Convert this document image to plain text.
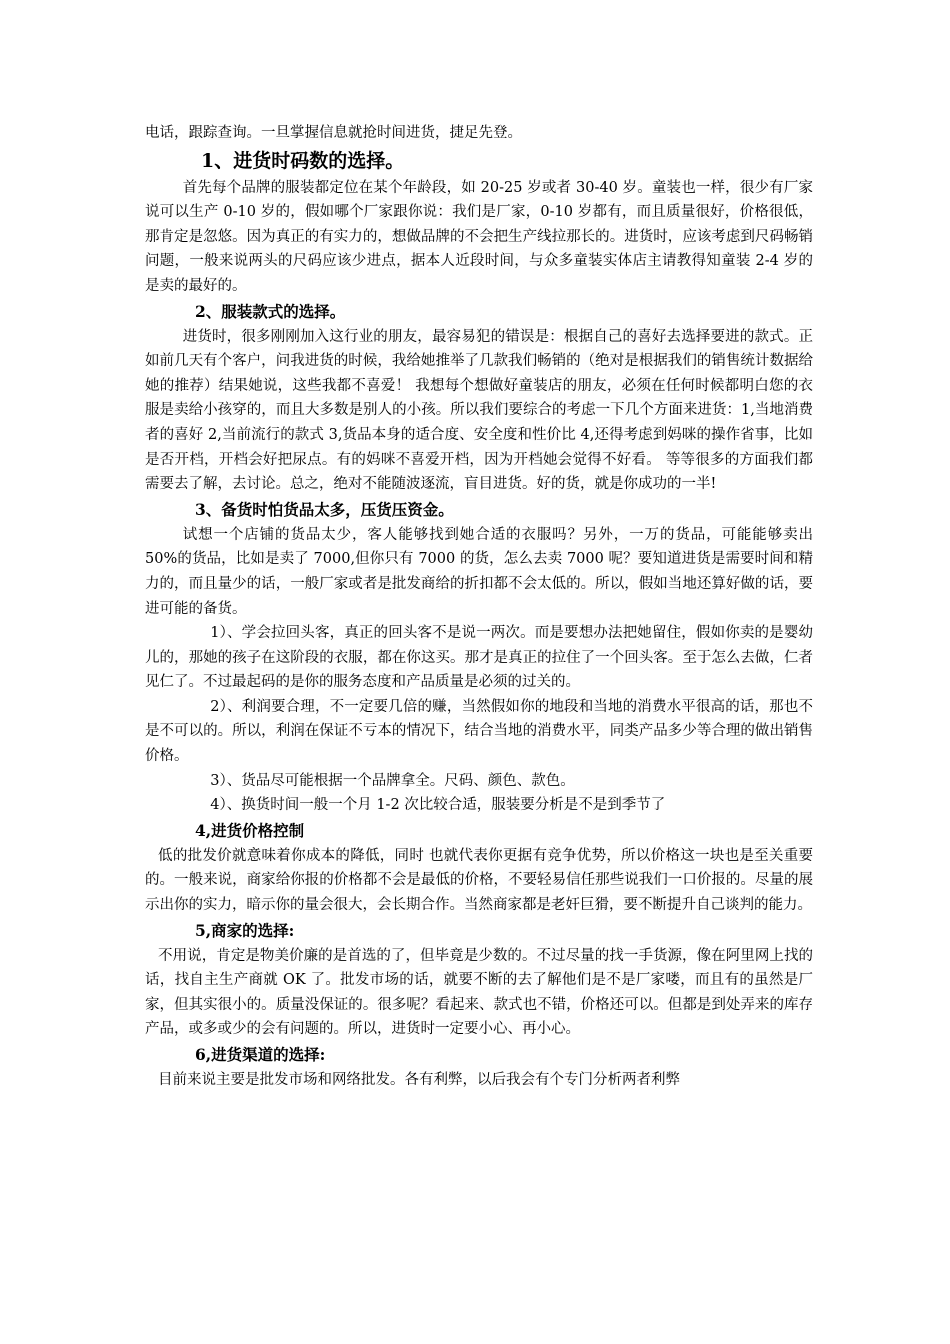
电话，跟踪查询。一旦掌握信息就抢时间进货，捷足先登。

1、进货时码数的选择。

首先每个品牌的服装都定位在某个年龄段，如 20-25 岁或者 30-40 岁。童装也一样，很少有厂家说可以生产 0-10 岁的，假如哪个厂家跟你说：我们是厂家，0-10 岁都有，而且质量很好，价格很低，那肯定是忽悠。因为真正的有实力的，想做品牌的不会把生产线拉那长的。进货时，应该考虑到尺码畅销问题，一般来说两头的尺码应该少进点，据本人近段时间，与众多童装实体店主请教得知童装 2-4 岁的是卖的最好的。

2、服装款式的选择。

进货时，很多刚刚加入这行业的朋友，最容易犯的错误是：根据自己的喜好去选择要进的款式。正如前几天有个客户，问我进货的时候，我给她推举了几款我们畅销的（绝对是根据我们的销售统计数据给她的推荐）结果她说，这些我都不喜爱！ 我想每个想做好童装店的朋友，必须在任何时候都明白您的衣服是卖给小孩穿的，而且大多数是别人的小孩。所以我们要综合的考虑一下几个方面来进货：1,当地消费者的喜好 2,当前流行的款式 3,货品本身的适合度、安全度和性价比 4,还得考虑到妈咪的操作省事，比如是否开档，开档会好把尿点。有的妈咪不喜爱开档，因为开档她会觉得不好看。 等等很多的方面我们都需要去了解，去讨论。总之，绝对不能随波逐流，盲目进货。好的货，就是你成功的一半!

3、备货时怕货品太多，压货压资金。

试想一个店铺的货品太少，客人能够找到她合适的衣服吗？另外，一万的货品，可能能够卖出 50%的货品，比如是卖了 7000,但你只有 7000 的货，怎么去卖 7000 呢？要知道进货是需要时间和精力的，而且量少的话，一般厂家或者是批发商给的折扣都不会太低的。所以，假如当地还算好做的话，要进可能的备货。

1）、学会拉回头客，真正的回头客不是说一两次。而是要想办法把她留住，假如你卖的是婴幼儿的，那她的孩子在这阶段的衣服，都在你这买。那才是真正的拉住了一个回头客。至于怎么去做，仁者见仁了。不过最起码的是你的服务态度和产品质量是必须的过关的。

2）、利润要合理，不一定要几倍的赚，当然假如你的地段和当地的消费水平很高的话，那也不是不可以的。所以，利润在保证不亏本的情况下，结合当地的消费水平，同类产品多少等合理的做出销售价格。

3）、货品尽可能根据一个品牌拿全。尺码、颜色、款色。

4）、换货时间一般一个月 1-2 次比较合适，服装要分析是不是到季节了

4,进货价格控制

低的批发价就意味着你成本的降低，同时 也就代表你更据有竞争优势，所以价格这一块也是至关重要的。一般来说，商家给你报的价格都不会是最低的价格，不要轻易信任那些说我们一口价报的。尽量的展示出你的实力，暗示你的量会很大，会长期合作。当然商家都是老奸巨猾，要不断提升自己谈判的能力。

5,商家的选择:

不用说，肯定是物美价廉的是首选的了，但毕竟是少数的。不过尽量的找一手货源，像在阿里网上找的话，找自主生产商就 OK 了。批发市场的话，就要不断的去了解他们是不是厂家喽，而且有的虽然是厂家，但其实很小的。质量没保证的。很多呢？看起来、款式也不错，价格还可以。但都是到处弄来的库存产品，或多或少的会有问题的。所以，进货时一定要小心、再小心。

6,进货渠道的选择:

目前来说主要是批发市场和网络批发。各有利弊，以后我会有个专门分析两者利弊
